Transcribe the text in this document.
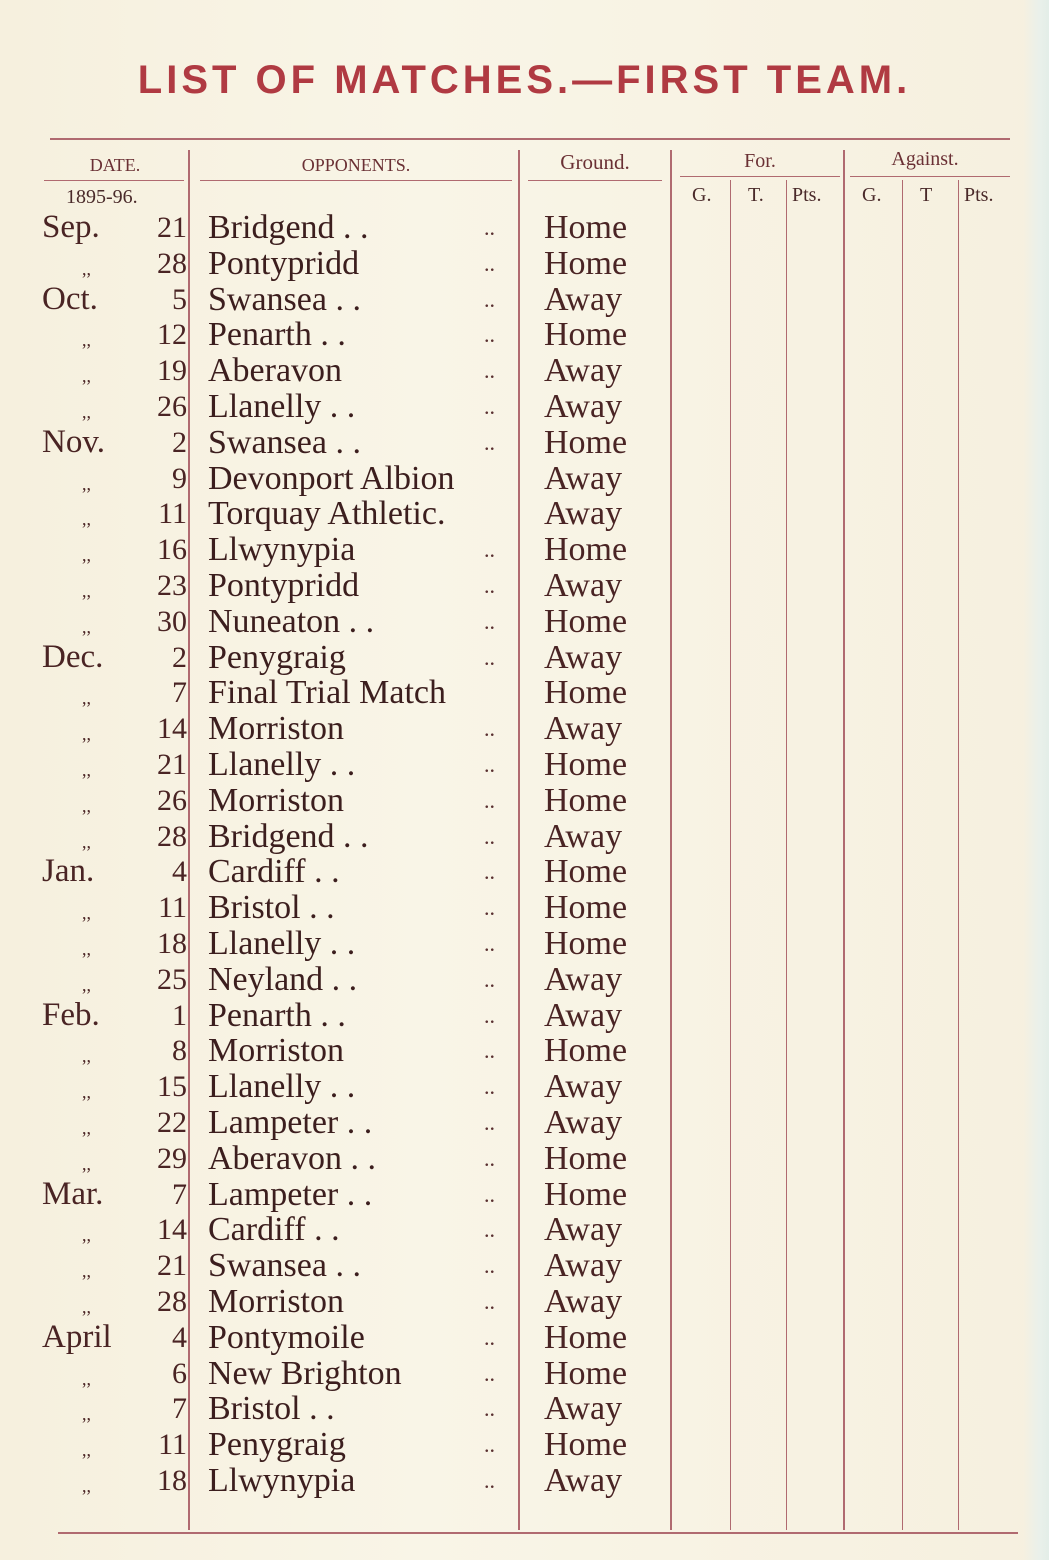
LIST OF MATCHES.—FIRST TEAM.
DATE.	OPPONENTS.	Ground.	For.	Against.
1895-96.	G. T. Pts. G. T Pts.
Sep. 21 Bridgend . .	.. Home
,, 28 Pontypridd	.. Home
Oct. 5 Swansea . .	.. Away
,, 12 Penarth . .	.. Home
,, 19 Aberavon	.. Away
,, 26 Llanelly . .	.. Away
Nov. 2 Swansea . .	.. Home
,,	9 Devonport Albion	Away
,, 11 Torquay Athletic.	Away
,, 16 Llwynypia	.. Home
,, 23 Pontypridd	.. Away
,, 30 Nuneaton . .	.. Home
Dec. 2 Penygraig	.. Away
,,	7 Final Trial Match	Home
,, 14 Morriston	.. Away
,, 21 Llanelly . .	.. Home
,, 26 Morriston	.. Home
,, 28 Bridgend . .	.. Away
Jan.	4 Cardiff . .	.. Home
,, 11 Bristol . .	.. Home
,, 18 Llanelly . .	.. Home
,, 25 Neyland . .	.. Away
Feb. 1 Penarth . .	.. Away
,,	8 Morriston	.. Home
,, 15 Llanelly . .	.. Away
,, 22 Lampeter . .	.. Away
,, 29 Aberavon . .	.. Home
Mar. 7 Lampeter . .	.. Home
,, 14 Cardiff . .	.. Away
,, 21 Swansea . .	.. Away
,, 28 Morriston	.. Away
April 4 Pontymoile	.. Home
,,	6 New Brighton	.. Home
,,	7 Bristol . .	.. Away
,, 11 Penygraig	.. Home
,, 18 Llwynypia	.. Away
